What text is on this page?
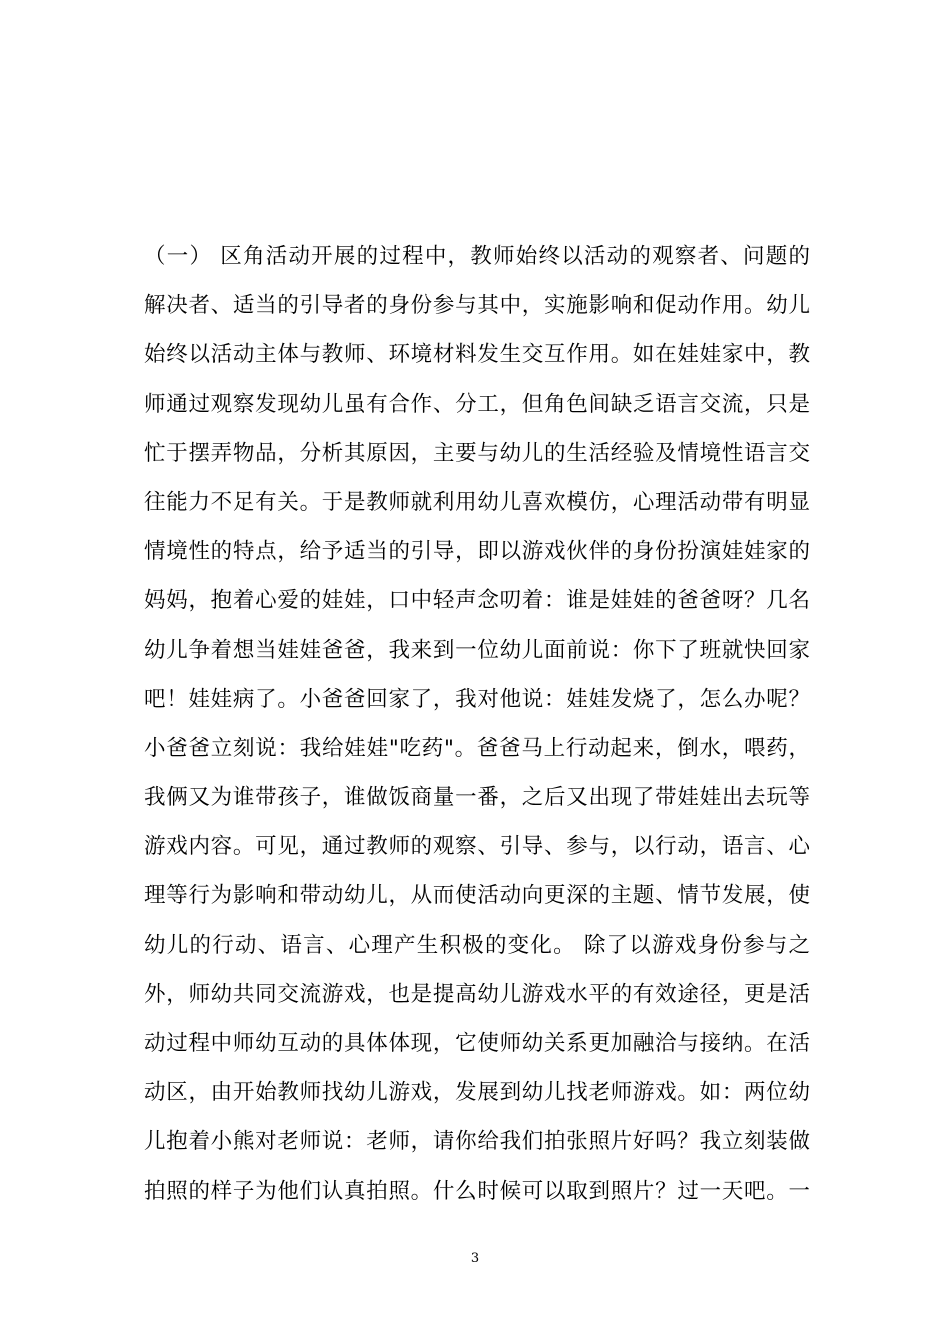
（一） 区角活动开展的过程中，教师始终以活动的观察者、问题的
解决者、适当的引导者的身份参与其中，实施影响和促动作用。幼儿
始终以活动主体与教师、环境材料发生交互作用。如在娃娃家中，教
师通过观察发现幼儿虽有合作、分工，但角色间缺乏语言交流，只是
忙于摆弄物品，分析其原因，主要与幼儿的生活经验及情境性语言交
往能力不足有关。于是教师就利用幼儿喜欢模仿，心理活动带有明显
情境性的特点，给予适当的引导，即以游戏伙伴的身份扮演娃娃家的
妈妈，抱着心爱的娃娃，口中轻声念叨着：谁是娃娃的爸爸呀？几名
幼儿争着想当娃娃爸爸，我来到一位幼儿面前说：你下了班就快回家
吧！娃娃病了。小爸爸回家了，我对他说：娃娃发烧了，怎么办呢？
小爸爸立刻说：我给娃娃"吃药"。爸爸马上行动起来，倒水，喂药，
我俩又为谁带孩子，谁做饭商量一番，之后又出现了带娃娃出去玩等
游戏内容。可见，通过教师的观察、引导、参与，以行动，语言、心
理等行为影响和带动幼儿，从而使活动向更深的主题、情节发展，使
幼儿的行动、语言、心理产生积极的变化。 除了以游戏身份参与之
外，师幼共同交流游戏，也是提高幼儿游戏水平的有效途径，更是活
动过程中师幼互动的具体体现，它使师幼关系更加融洽与接纳。在活
动区，由开始教师找幼儿游戏，发展到幼儿找老师游戏。如：两位幼
儿抱着小熊对老师说：老师，请你给我们拍张照片好吗？我立刻装做
拍照的样子为他们认真拍照。什么时候可以取到照片？过一天吧。一
3
